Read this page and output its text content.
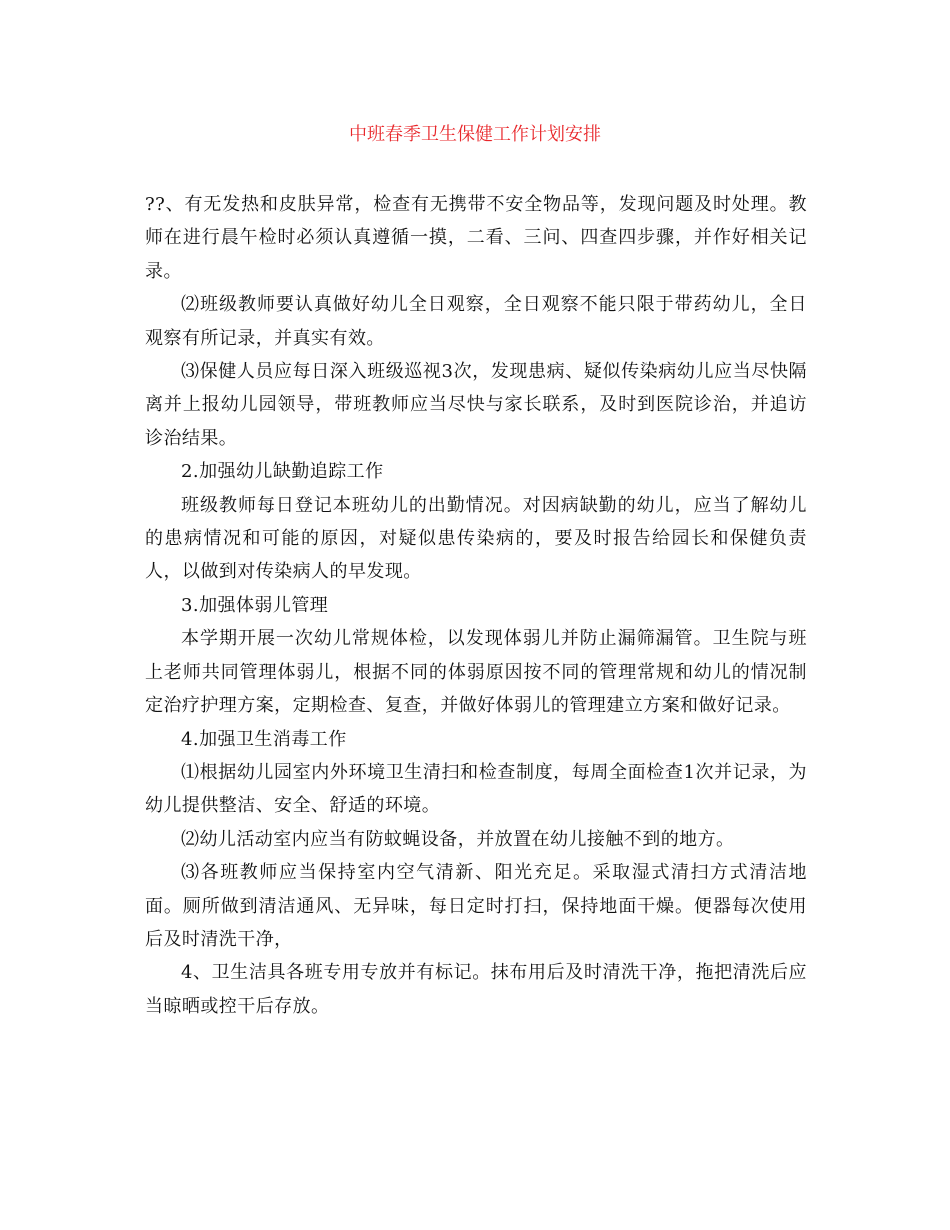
中班春季卫生保健工作计划安排

??、有无发热和皮肤异常，检查有无携带不安全物品等，发现问题及时处理。教师在进行晨午检时必须认真遵循一摸，二看、三问、四查四步骤，并作好相关记录。

⑵班级教师要认真做好幼儿全日观察，全日观察不能只限于带药幼儿，全日观察有所记录，并真实有效。

⑶保健人员应每日深入班级巡视3次，发现患病、疑似传染病幼儿应当尽快隔离并上报幼儿园领导，带班教师应当尽快与家长联系，及时到医院诊治，并追访诊治结果。

2.加强幼儿缺勤追踪工作

班级教师每日登记本班幼儿的出勤情况。对因病缺勤的幼儿，应当了解幼儿的患病情况和可能的原因，对疑似患传染病的，要及时报告给园长和保健负责人，以做到对传染病人的早发现。

3.加强体弱儿管理

本学期开展一次幼儿常规体检，以发现体弱儿并防止漏筛漏管。卫生院与班上老师共同管理体弱儿，根据不同的体弱原因按不同的管理常规和幼儿的情况制定治疗护理方案，定期检查、复查，并做好体弱儿的管理建立方案和做好记录。

4.加强卫生消毒工作

⑴根据幼儿园室内外环境卫生清扫和检查制度，每周全面检查1次并记录，为幼儿提供整洁、安全、舒适的环境。

⑵幼儿活动室内应当有防蚊蝇设备，并放置在幼儿接触不到的地方。

⑶各班教师应当保持室内空气清新、阳光充足。采取湿式清扫方式清洁地面。厕所做到清洁通风、无异味，每日定时打扫，保持地面干燥。便器每次使用后及时清洗干净，

4、卫生洁具各班专用专放并有标记。抹布用后及时清洗干净，拖把清洗后应当晾晒或控干后存放。
